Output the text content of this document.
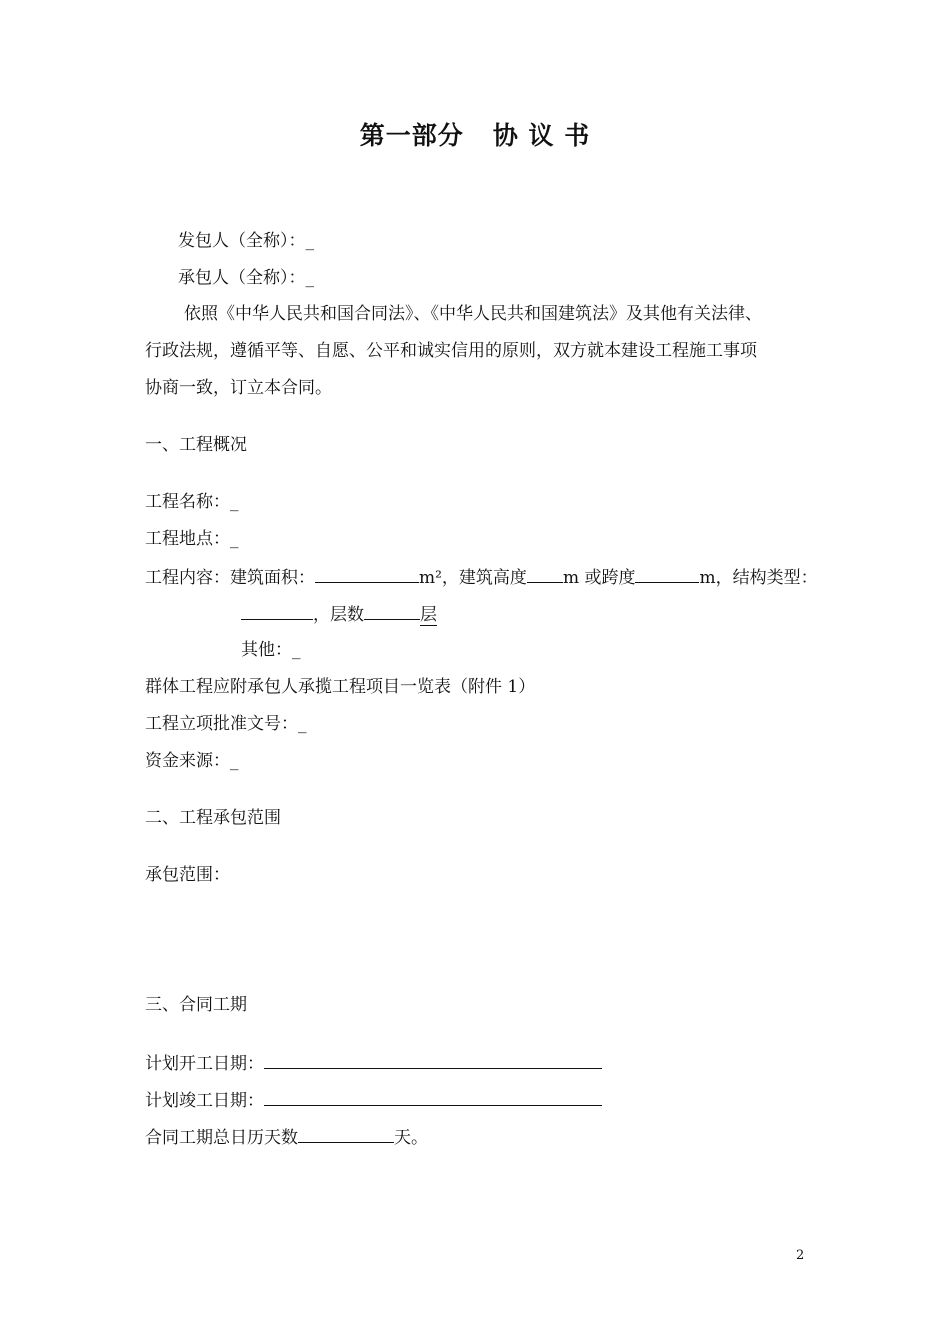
第一部分   协 议 书
发包人（全称）：_
承包人（全称）：_
依照《中华人民共和国合同法》、《中华人民共和国建筑法》及其他有关法律、
行政法规，遵循平等、自愿、公平和诚实信用的原则，双方就本建设工程施工事项
协商一致，订立本合同。
一、工程概况
工程名称：_
工程地点：_
工程内容：建筑面积：	m²，建筑高度 m 或跨度	m，结构类型：
，层数	层
其他：_
群体工程应附承包人承揽工程项目一览表（附件 1）
工程立项批准文号：_
资金来源：_
二、工程承包范围
承包范围：
三、合同工期
计划开工日期：
计划竣工日期：
合同工期总日历天数	天。
2
